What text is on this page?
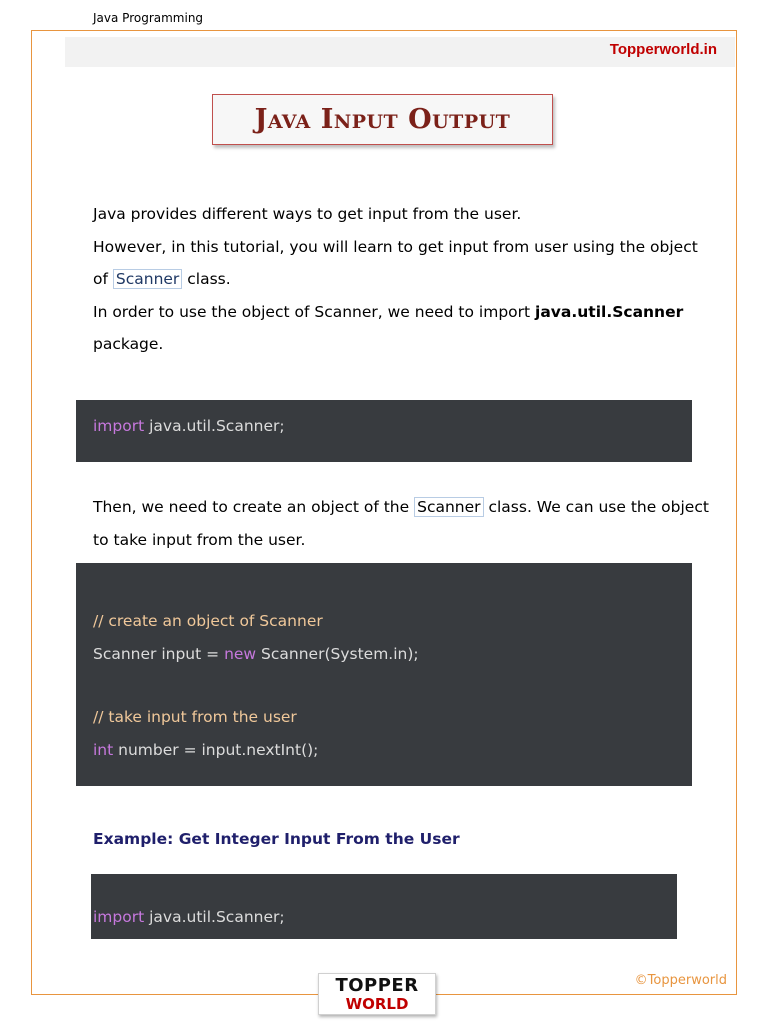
Java Programming
Topperworld.in
Java Input Output
Java provides different ways to get input from the user.
However, in this tutorial, you will learn to get input from user using the object
of Scanner class.
In order to use the object of Scanner, we need to import java.util.Scanner
package.
import java.util.Scanner;
Then, we need to create an object of the Scanner class. We can use the object
to take input from the user.
// create an object of Scanner
Scanner input = new Scanner(System.in);
// take input from the user
int number = input.nextInt();
Example: Get Integer Input From the User
import java.util.Scanner;
©Topperworld
TOPPER
WORLD
